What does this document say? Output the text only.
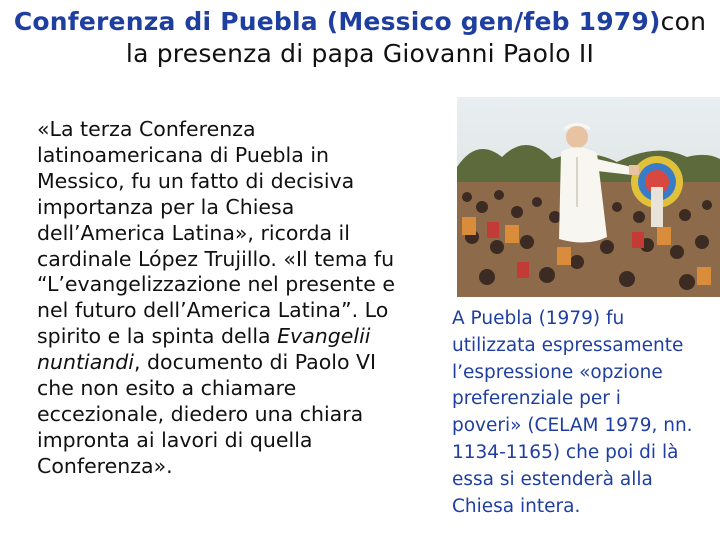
Conferenza di Puebla (Messico gen/feb 1979)con
la presenza di papa Giovanni Paolo II
«La terza Conferenza
latinoamericana di Puebla in
Messico, fu un fatto di decisiva
importanza per la Chiesa
dell’America Latina», ricorda il
cardinale López Trujillo. «Il tema fu
“L’evangelizzazione nel presente e
nel futuro dell’America Latina”. Lo
spirito e la spinta della Evangelii
nuntiandi, documento di Paolo VI
che non esito a chiamare
eccezionale, diedero una chiara
impronta ai lavori di quella
Conferenza».
A Puebla (1979) fu
utilizzata espressamente
l’espressione «opzione
preferenziale per i
poveri» (CELAM 1979, nn.
1134-1165) che poi di là
essa si estenderà alla
Chiesa intera.
